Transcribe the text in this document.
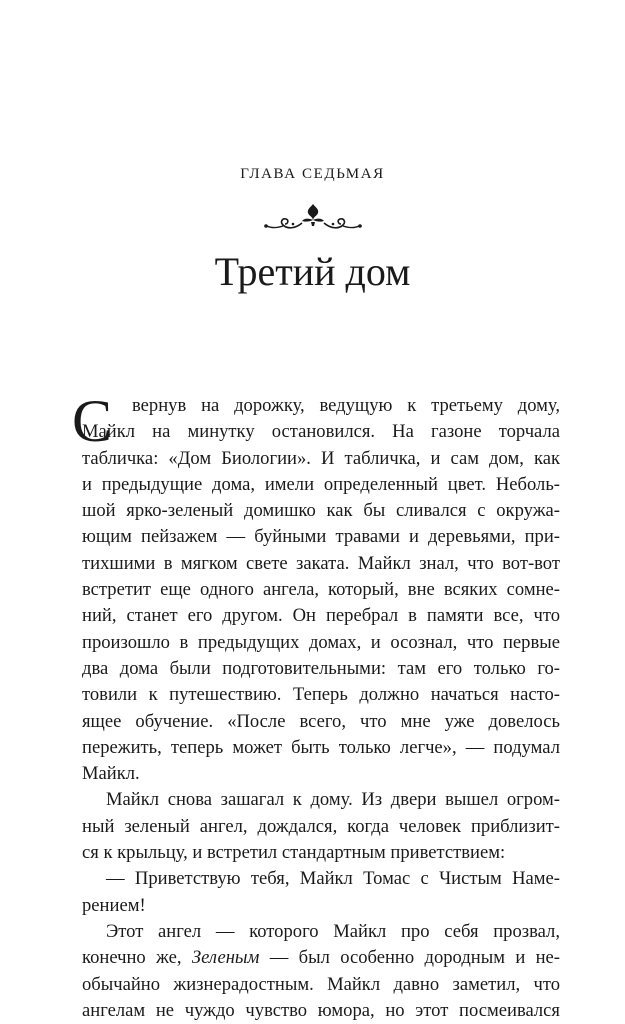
ГЛАВА СЕДЬМАЯ
Третий дом
С вернув на дорожку, ведущую к третьему дому,
Майкл на минутку остановился. На газоне торчала
табличка: «Дом Биологии». И табличка, и сам дом, как
и предыдущие дома, имели определенный цвет. Неболь-
шой ярко-зеленый домишко как бы сливался с окружа-
ющим пейзажем — буйными травами и деревьями, при-
тихшими в мягком свете заката. Майкл знал, что вот-вот
встретит еще одного ангела, который, вне всяких сомне-
ний, станет его другом. Он перебрал в памяти все, что
произошло в предыдущих домах, и осознал, что первые
два дома были подготовительными: там его только го-
товили к путешествию. Теперь должно начаться насто-
ящее обучение. «После всего, что мне уже довелось
пережить, теперь может быть только легче», — подумал
Майкл.
Майкл снова зашагал к дому. Из двери вышел огром-
ный зеленый ангел, дождался, когда человек приблизит-
ся к крыльцу, и встретил стандартным приветствием:
— Приветствую тебя, Майкл Томас с Чистым Наме-
рением!
Этот ангел — которого Майкл про себя прозвал,
конечно же, Зеленым — был особенно дородным и не-
обычайно жизнерадостным. Майкл давно заметил, что
ангелам не чуждо чувство юмора, но этот посмеивался
